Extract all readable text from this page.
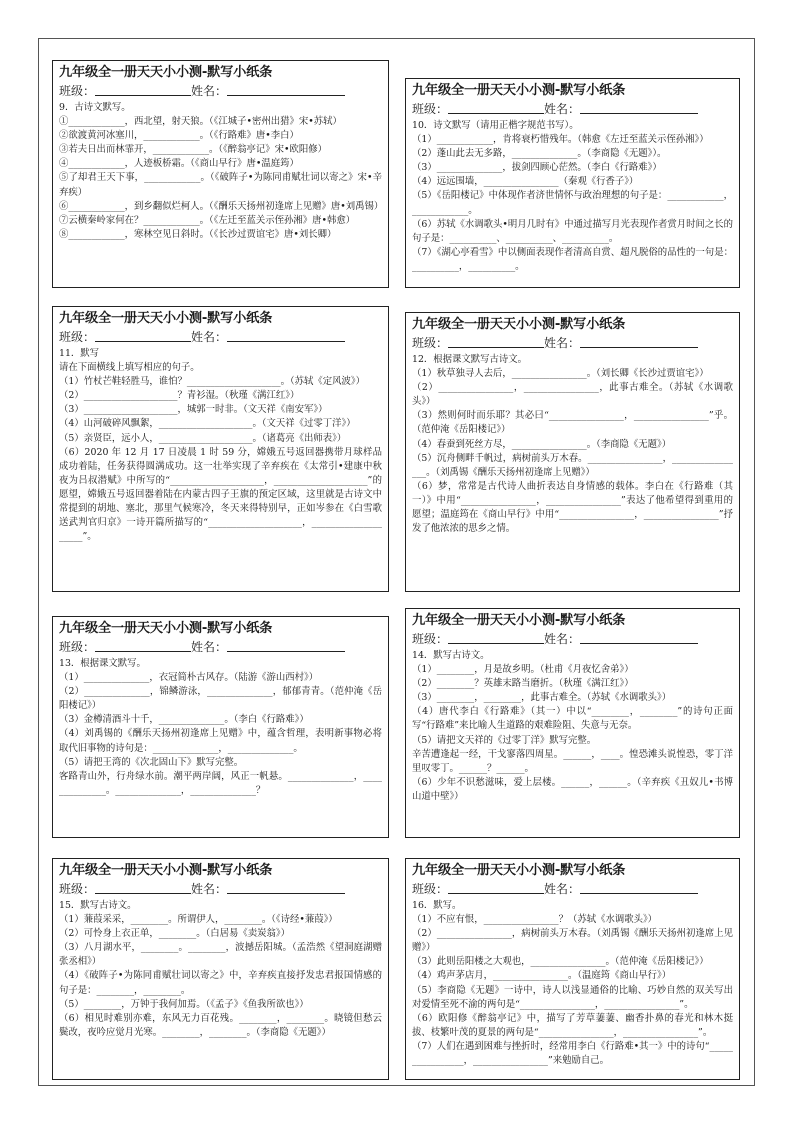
九年级全一册天天小小测-默写小纸条
班级：	姓名：

9．古诗文默写。

①____________，西北望，射天狼。（《江城子•密州出猎》宋•苏轼）

②欲渡黄河冰塞川，____________。（《行路难》唐•李白）

③若夫日出而林霏开，____________。（《醉翁亭记》宋•欧阳修）

④____________，人迹板桥霜。（《商山早行》唐•温庭筠）

⑤了却君王天下事，____________。（《破阵子•为陈同甫赋壮词以寄之》宋•辛弃疾）

⑥____________，到乡翻似烂柯人。（《酬乐天扬州初逢席上见赠》唐•刘禹锡）

⑦云横秦岭家何在？____________。（《左迁至蓝关示侄孙湘》唐•韩愈）

⑧____________，寒林空见日斜时。（《长沙过贾谊宅》唐•刘长卿）

九年级全一册天天小小测-默写小纸条
班级：	姓名：

10．诗文默写（请用正楷字规范书写）。

（1）____________，肯将衰朽惜残年。（韩愈《左迁至蓝关示侄孙湘》）

（2）蓬山此去无多路，______________。（李商隐《无题》）。

（3）______________，拔剑四顾心茫然。（李白《行路难》）

（4）远远围墙，________________（秦观《行香子》）

（5）《岳阳楼记》中体现作者济世情怀与政治理想的句子是：____________，____________。

（6）苏轼《水调歌头•明月几时有》中通过描写月光表现作者赏月时间之长的句子是：__________、__________、__________。

（7）《湖心亭看雪》中以侧面表现作者清高自赏、超凡脱俗的品性的一句是：__________，__________。

九年级全一册天天小小测-默写小纸条
班级：	姓名：

11．默写

请在下面横线上填写相应的句子。

（1）竹杖芒鞋轻胜马，谁怕？____________________。（苏轼《定风波》）

（2）____________________？青衫湿。（秋瑾《满江红》）

（3）____________________，城郭一时非。（文天祥《南安军》）

（4）山河破碎风飘絮，____________________。（文天祥《过零丁洋》）

（5）亲贤臣，远小人，____________________。（诸葛亮《出师表》）

（6）2020 年 12 月 17 日凌晨 1 时 59 分，嫦娥五号返回器携带月球样品成功着陆，任务获得圆满成功。这一壮举实现了辛弃疾在《太常引•建康中秋夜为吕叔潜赋》中所写的“____________________，____________________”的愿望，嫦娥五号返回器着陆在内蒙古四子王旗的预定区域，这里就是古诗文中常提到的胡地、塞北，那里气候寒冷，冬天来得特别早，正如岑参在《白雪歌送武判官归京》一诗开篇所描写的“____________________，____________________”。

九年级全一册天天小小测-默写小纸条
班级：	姓名：

12．根据课文默写古诗文。

（1）秋草独寻人去后，________________。（刘长卿《长沙过贾谊宅》）

（2）________________，________________，此事古难全。（苏轼《水调歌头》）

（3）然则何时而乐耶？其必曰“________________，________________”乎。（范仲淹《岳阳楼记》）

（4）春蚕到死丝方尽，________________。（李商隐《无题》）

（5）沉舟侧畔千帆过，病树前头万木春。________________，________________。（刘禹锡《酬乐天扬州初逢席上见赠》）

（6）梦，常常是古代诗人曲折表达自身情感的载体。李白在《行路难（其一）》中用“________________，________________”表达了他希望得到重用的愿望；温庭筠在《商山早行》中用“________________，________________”抒发了他浓浓的思乡之情。

九年级全一册天天小小测-默写小纸条
班级：	姓名：

13．根据课文默写。

（1）______________，衣冠简朴古风存。（陆游《游山西村》）

（2）______________，锦鳞游泳，______________，郁郁青青。（范仲淹《岳阳楼记》）

（3）金樽清酒斗十千，______________。（李白《行路难》）

（4）刘禹锡的《酬乐天扬州初逢席上见赠》中，蕴含哲理，表明新事物必将取代旧事物的诗句是：______________，______________。

（5）请把王湾的《次北固山下》默写完整。

客路青山外，行舟绿水前。潮平两岸阔，风正一帆悬。______________，______________。______________，______________？

九年级全一册天天小小测-默写小纸条
班级：	姓名：

14．默写古诗文。

（1）________，月是故乡明。（杜甫《月夜忆舍弟》）

（2）________？英雄末路当磨折。（秋瑾《满江红》）

（3）________，________，此事古难全。（苏轼《水调歌头》）

（4）唐代李白《行路难》（其一）中以“________，________”的诗句正面写“行路难”来比喻人生道路的艰难险阻、失意与无奈。

（5）请把文天祥的《过零丁洋》默写完整。

辛苦遭逢起一经，干戈寥落四周星。______，____。惶恐滩头说惶恐，零丁洋里叹零丁。______？______。

（6）少年不识愁滋味，爱上层楼。______，______。（辛弃疾《丑奴儿•书博山道中壁》）

九年级全一册天天小小测-默写小纸条
班级：	姓名：

15．默写古诗文。

（1）蒹葭采采，________。所谓伊人，________。（《诗经•蒹葭》）

（2）可怜身上衣正单，________。（白居易《卖炭翁》）

（3）八月湖水平，________。________，波撼岳阳城。（孟浩然《望洞庭湖赠张丞相》）

（4）《破阵子•为陈同甫赋壮词以寄之》中，辛弃疾直接抒发忠君报国情感的句子是：________，________。

（5）________，万钟于我何加焉。（《孟子》《鱼我所欲也》）

（6）相见时难别亦难，东风无力百花残。________，________。晓镜但愁云鬓改，夜吟应觉月光寒。________，________。（李商隐《无题》）

九年级全一册天天小小测-默写小纸条
班级：	姓名：

16．默写。

（1）不应有恨，________________？（苏轼《水调歌头》）

（2）________________，病树前头万木春。（刘禹锡《酬乐天扬州初逢席上见赠》）

（3）此则岳阳楼之大观也，________________。（范仲淹《岳阳楼记》）

（4）鸡声茅店月，________________。（温庭筠《商山早行》）

（5）李商隐《无题》一诗中，诗人以浅显通俗的比喻、巧妙自然的双关写出对爱情至死不渝的两句是“________________，________________”。

（6）欧阳修《醉翁亭记》中，描写了芳草萋萋、幽香扑鼻的春光和林木挺拔、枝繁叶茂的夏景的两句是“________________，________________”。

（7）人们在遇到困难与挫折时，经常用李白《行路难•其一》中的诗句“________________，________________”来勉励自己。
